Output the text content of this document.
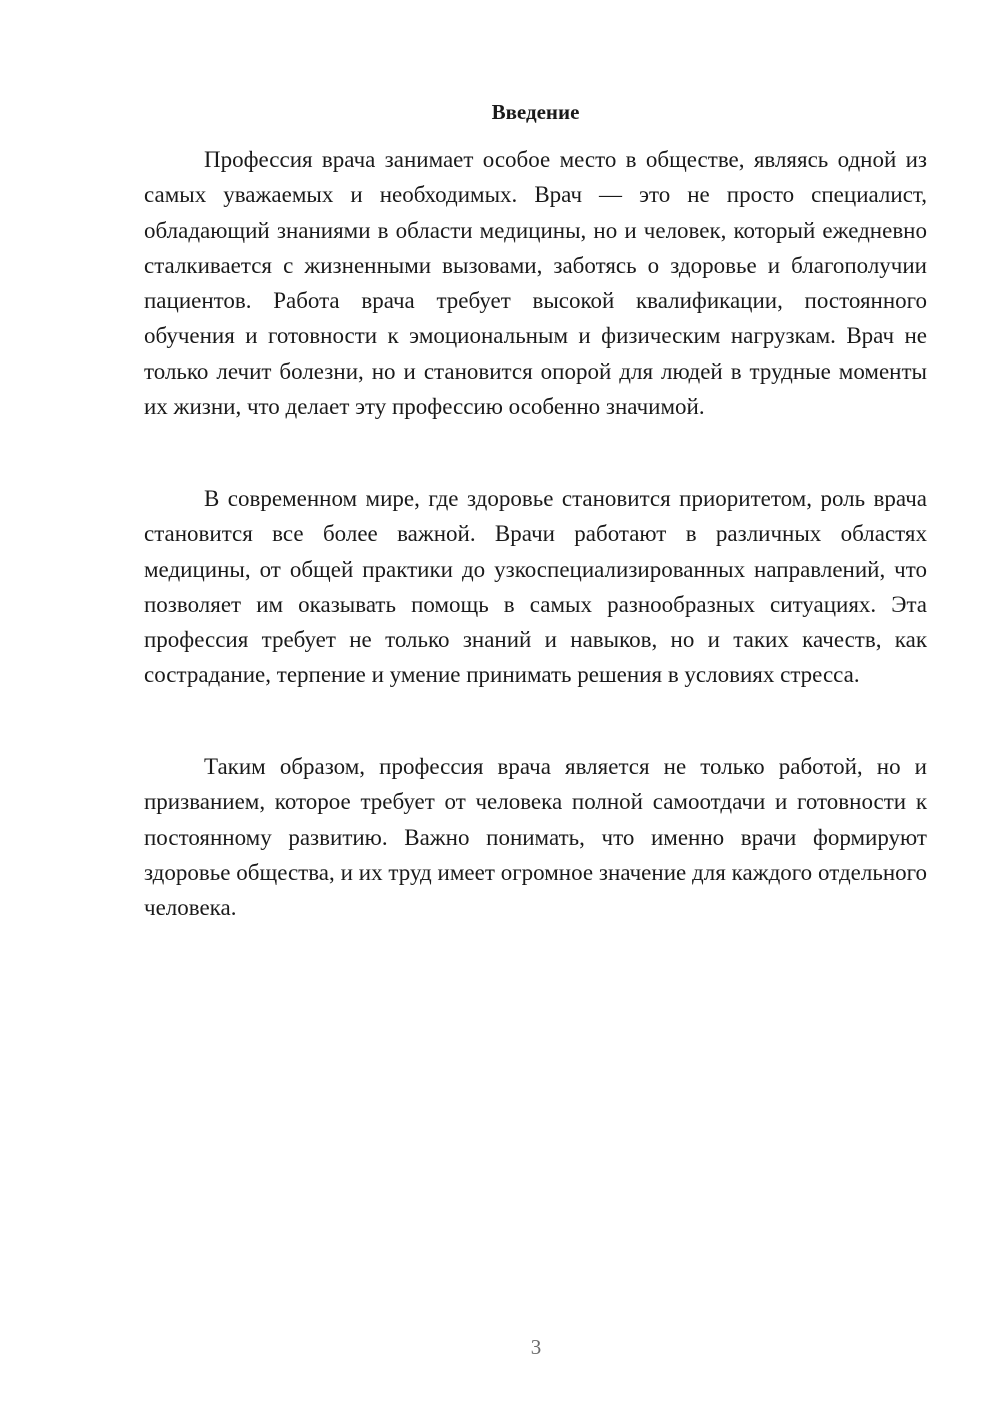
Введение

Профессия врача занимает особое место в обществе, являясь одной из самых уважаемых и необходимых. Врач — это не просто специалист, обладающий знаниями в области медицины, но и человек, который ежедневно сталкивается с жизненными вызовами, заботясь о здоровье и благополучии пациентов. Работа врача требует высокой квалификации, постоянного обучения и готовности к эмоциональным и физическим нагрузкам. Врач не только лечит болезни, но и становится опорой для людей в трудные моменты их жизни, что делает эту профессию особенно значимой.

В современном мире, где здоровье становится приоритетом, роль врача становится все более важной. Врачи работают в различных областях медицины, от общей практики до узкоспециализированных направлений, что позволяет им оказывать помощь в самых разнообразных ситуациях. Эта профессия требует не только знаний и навыков, но и таких качеств, как сострадание, терпение и умение принимать решения в условиях стресса.

Таким образом, профессия врача является не только работой, но и призванием, которое требует от человека полной самоотдачи и готовности к постоянному развитию. Важно понимать, что именно врачи формируют здоровье общества, и их труд имеет огромное значение для каждого отдельного человека.

3
